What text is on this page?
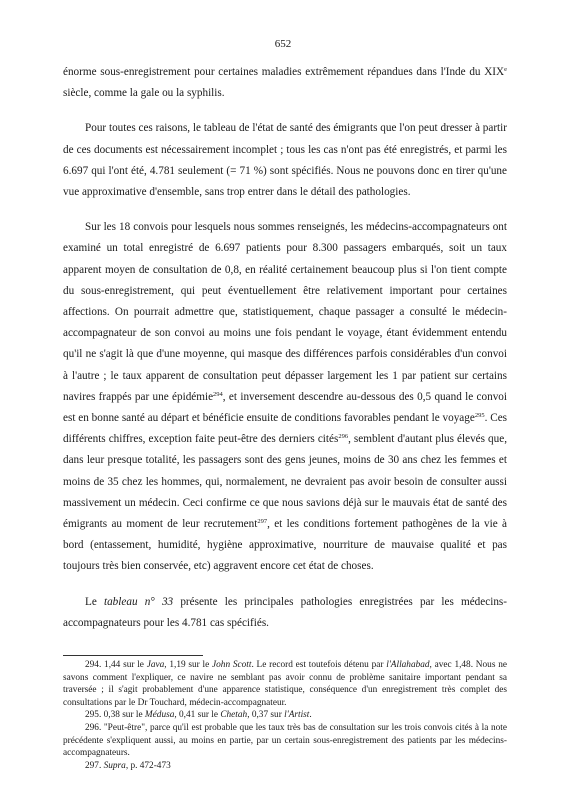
652

énorme sous-enregistrement pour certaines maladies extrêmement répandues dans l'Inde du XIXe siècle, comme la gale ou la syphilis.

Pour toutes ces raisons, le tableau de l'état de santé des émigrants que l'on peut dresser à partir de ces documents est nécessairement incomplet ; tous les cas n'ont pas été enregistrés, et parmi les 6.697 qui l'ont été, 4.781 seulement (= 71 %) sont spécifiés. Nous ne pouvons donc en tirer qu'une vue approximative d'ensemble, sans trop entrer dans le détail des pathologies.

Sur les 18 convois pour lesquels nous sommes renseignés, les médecins-accompagnateurs ont examiné un total enregistré de 6.697 patients pour 8.300 passagers embarqués, soit un taux apparent moyen de consultation de 0,8, en réalité certainement beaucoup plus si l'on tient compte du sous-enregistrement, qui peut éventuellement être relativement important pour certaines affections. On pourrait admettre que, statistiquement, chaque passager a consulté le médecin-accompagnateur de son convoi au moins une fois pendant le voyage, étant évidemment entendu qu'il ne s'agit là que d'une moyenne, qui masque des différences parfois considérables d'un convoi à l'autre ; le taux apparent de consultation peut dépasser largement les 1 par patient sur certains navires frappés par une épidémie$^{294}$, et inversement descendre au-dessous des 0,5 quand le convoi est en bonne santé au départ et bénéficie ensuite de conditions favorables pendant le voyage$^{295}$. Ces différents chiffres, exception faite peut-être des derniers cités$^{296}$, semblent d'autant plus élevés que, dans leur presque totalité, les passagers sont des gens jeunes, moins de 30 ans chez les femmes et moins de 35 chez les hommes, qui, normalement, ne devraient pas avoir besoin de consulter aussi massivement un médecin. Ceci confirme ce que nous savions déjà sur le mauvais état de santé des émigrants au moment de leur recrutement$^{297}$, et les conditions fortement pathogènes de la vie à bord (entassement, humidité, hygiène approximative, nourriture de mauvaise qualité et pas toujours très bien conservée, etc) aggravent encore cet état de choses.

Le tableau n° 33 présente les principales pathologies enregistrées par les médecins-accompagnateurs pour les 4.781 cas spécifiés.

294. 1,44 sur le Java, 1,19 sur le John Scott. Le record est toutefois détenu par l'Allahabad, avec 1,48. Nous ne savons comment l'expliquer, ce navire ne semblant pas avoir connu de problème sanitaire important pendant sa traversée ; il s'agit probablement d'une apparence statistique, conséquence d'un enregistrement très complet des consultations par le Dr Touchard, médecin-accompagnateur.

295. 0,38 sur le Médusa, 0,41 sur le Chetah, 0,37 sur l'Artist.

296. "Peut-être", parce qu'il est probable que les taux très bas de consultation sur les trois convois cités à la note précédente s'expliquent aussi, au moins en partie, par un certain sous-enregistrement des patients par les médecins-accompagnateurs.

297. Supra, p. 472-473
